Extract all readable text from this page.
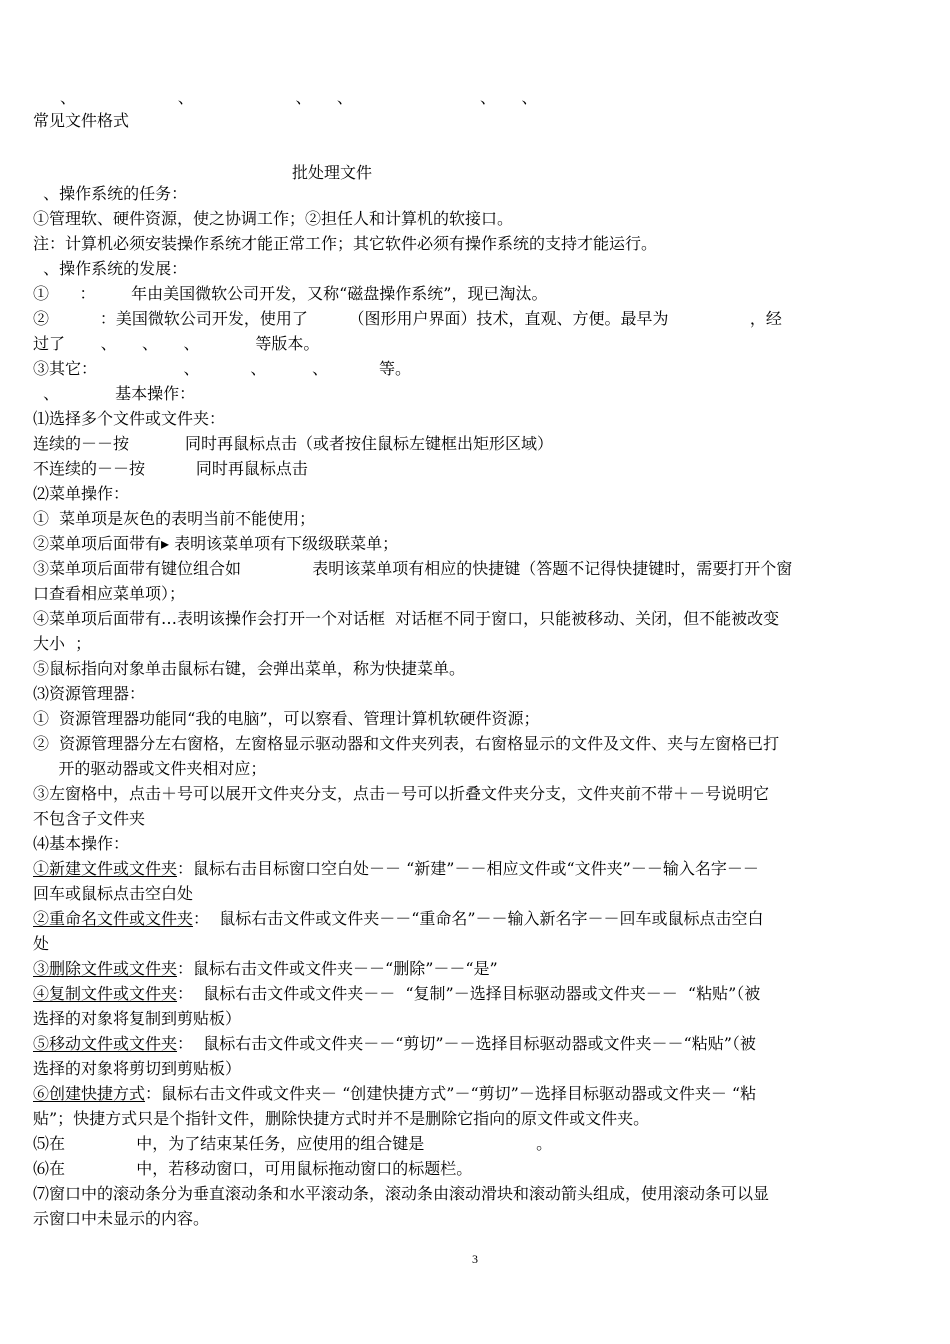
、                    、                    、     、                         、     、
常见文件格式
批处理文件
、操作系统的任务：
①管理软、硬件资源，使之协调工作；②担任人和计算机的软接口。
注：计算机必须安装操作系统才能正常工作；其它软件必须有操作系统的支持才能运行。
、操作系统的发展：
①      ：       年由美国微软公司开发，又称“磁盘操作系统”，现已淘汰。
②          ：美国微软公司开发，使用了        （图形用户界面）技术，直观、方便。最早为                ，经
过了       、     、     、           等版本。
③其它：                 、          、         、          等。
、           基本操作：
⑴选择多个文件或文件夹：
连续的－－按           同时再鼠标点击（或者按住鼠标左键框出矩形区域）
不连续的－－按          同时再鼠标点击
⑵菜单操作：
①  菜单项是灰色的表明当前不能使用；
②菜单项后面带有▸ 表明该菜单项有下级级联菜单；
③菜单项后面带有键位组合如              表明该菜单项有相应的快捷键（答题不记得快捷键时，需要打开个窗
口查看相应菜单项）；
④菜单项后面带有…表明该操作会打开一个对话框  对话框不同于窗口，只能被移动、关闭，但不能被改变
大小  ；
⑤鼠标指向对象单击鼠标右键，会弹出菜单，称为快捷菜单。
⑶资源管理器：
①  资源管理器功能同“我的电脑”，可以察看、管理计算机软硬件资源；
②  资源管理器分左右窗格，左窗格显示驱动器和文件夹列表，右窗格显示的文件及文件、夹与左窗格已打
开的驱动器或文件夹相对应；
③左窗格中，点击＋号可以展开文件夹分支，点击－号可以折叠文件夹分支，文件夹前不带＋－号说明它
不包含子文件夹
⑷基本操作：
①新建文件或文件夹：鼠标右击目标窗口空白处－－ “新建”－－相应文件或“文件夹”－－输入名字－－
回车或鼠标点击空白处
②重命名文件或文件夹：  鼠标右击文件或文件夹－－“重命名”－－输入新名字－－回车或鼠标点击空白
处
③删除文件或文件夹：鼠标右击文件或文件夹－－“删除”－－“是”
④复制文件或文件夹：  鼠标右击文件或文件夹－－  “复制”－选择目标驱动器或文件夹－－  “粘贴”（被
选择的对象将复制到剪贴板）
⑤移动文件或文件夹：  鼠标右击文件或文件夹－－“剪切”－－选择目标驱动器或文件夹－－“粘贴”（被
选择的对象将剪切到剪贴板）
⑥创建快捷方式：鼠标右击文件或文件夹－ “创建快捷方式”－“剪切”－选择目标驱动器或文件夹－ “粘
贴”；快捷方式只是个指针文件，删除快捷方式时并不是删除它指向的原文件或文件夹。
⑸在              中，为了结束某任务，应使用的组合键是                      。
⑹在              中，若移动窗口，可用鼠标拖动窗口的标题栏。
⑺窗口中的滚动条分为垂直滚动条和水平滚动条，滚动条由滚动滑块和滚动箭头组成，使用滚动条可以显
示窗口中未显示的内容。
3
